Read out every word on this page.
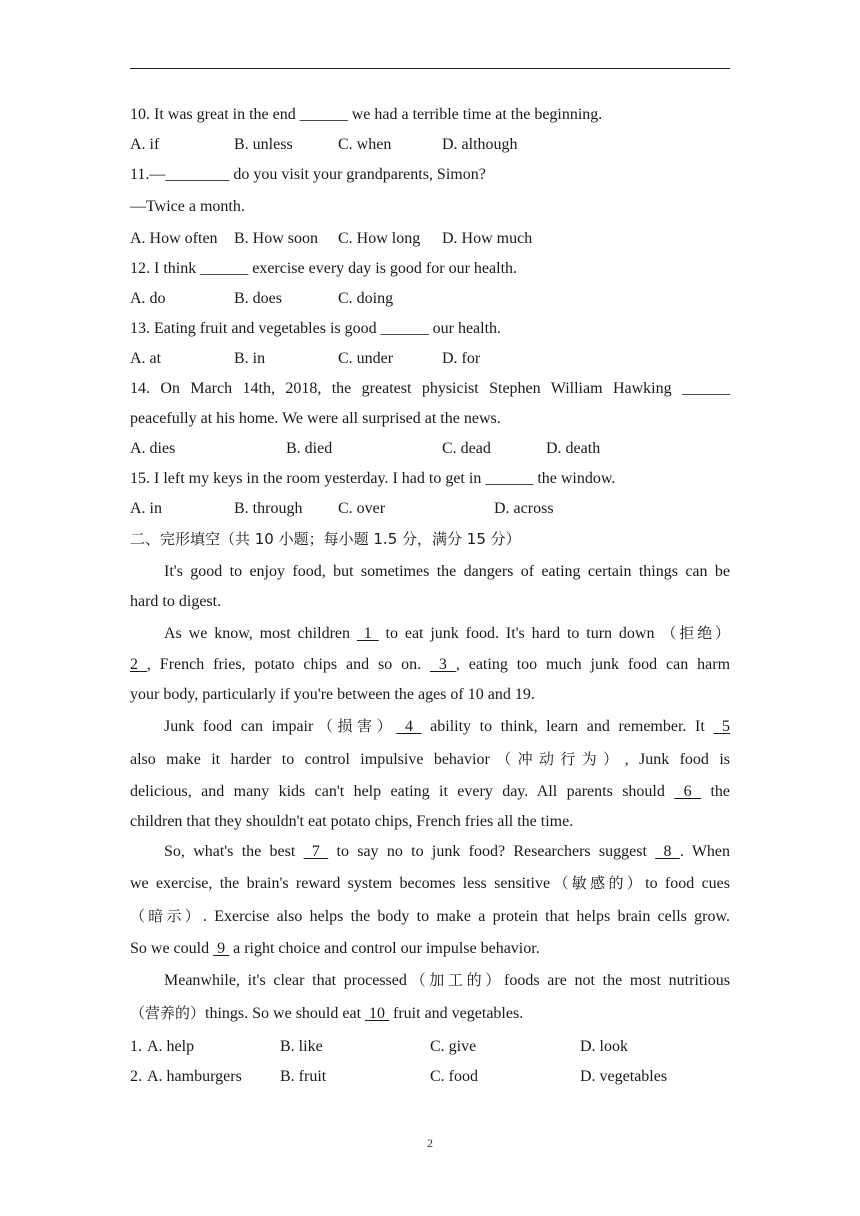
10. It was great in the end ______ we had a terrible time at the beginning.
A. if	B. unless	C. when	D. although
11.—________ do you visit your grandparents, Simon?
—Twice a month.
A. How often B. How soon C. How long D. How much
12. I think ______ exercise every day is good for our health.
A. do	B. does	C. doing
13. Eating fruit and vegetables is good ______ our health.
A. at	B. in	C. under	D. for
14. On March 14th, 2018, the greatest physicist Stephen William Hawking ______
peacefully at his home. We were all surprised at the news.
A. dies	B. died	C. dead	D. death
15. I left my keys in the room yesterday. I had to get in ______ the window.
A. in	B. through C. over	D. across
二、完形填空（共 10 小题；每小题 1.5 分，满分 15 分）
It's good to enjoy food, but sometimes the dangers of eating certain things can be
hard to digest.
As we know, most children  1  to eat junk food. It's hard to turn down （拒绝）
2 , French fries, potato chips and so on.  3 , eating too much junk food can harm
your body, particularly if you're between the ages of 10 and 19.
Junk food can impair（损害） 4  ability to think, learn and remember. It  5
also make it harder to control impulsive behavior（冲动行为）, Junk food is
delicious, and many kids can't help eating it every day. All parents should  6  the
children that they shouldn't eat potato chips, French fries all the time.
So, what's the best  7  to say no to junk food? Researchers suggest  8 . When
we exercise, the brain's reward system becomes less sensitive（敏感的）to food cues
（暗示）. Exercise also helps the body to make a protein that helps brain cells grow.
So we could  9  a right choice and control our impulse behavior.
Meanwhile, it's clear that processed（加工的）foods are not the most nutritious
（营养的）things. So we should eat  10  fruit and vegetables.
1. A. help	B. like	C. give	D. look
2. A. hamburgers B. fruit	C. food	D. vegetables
2
